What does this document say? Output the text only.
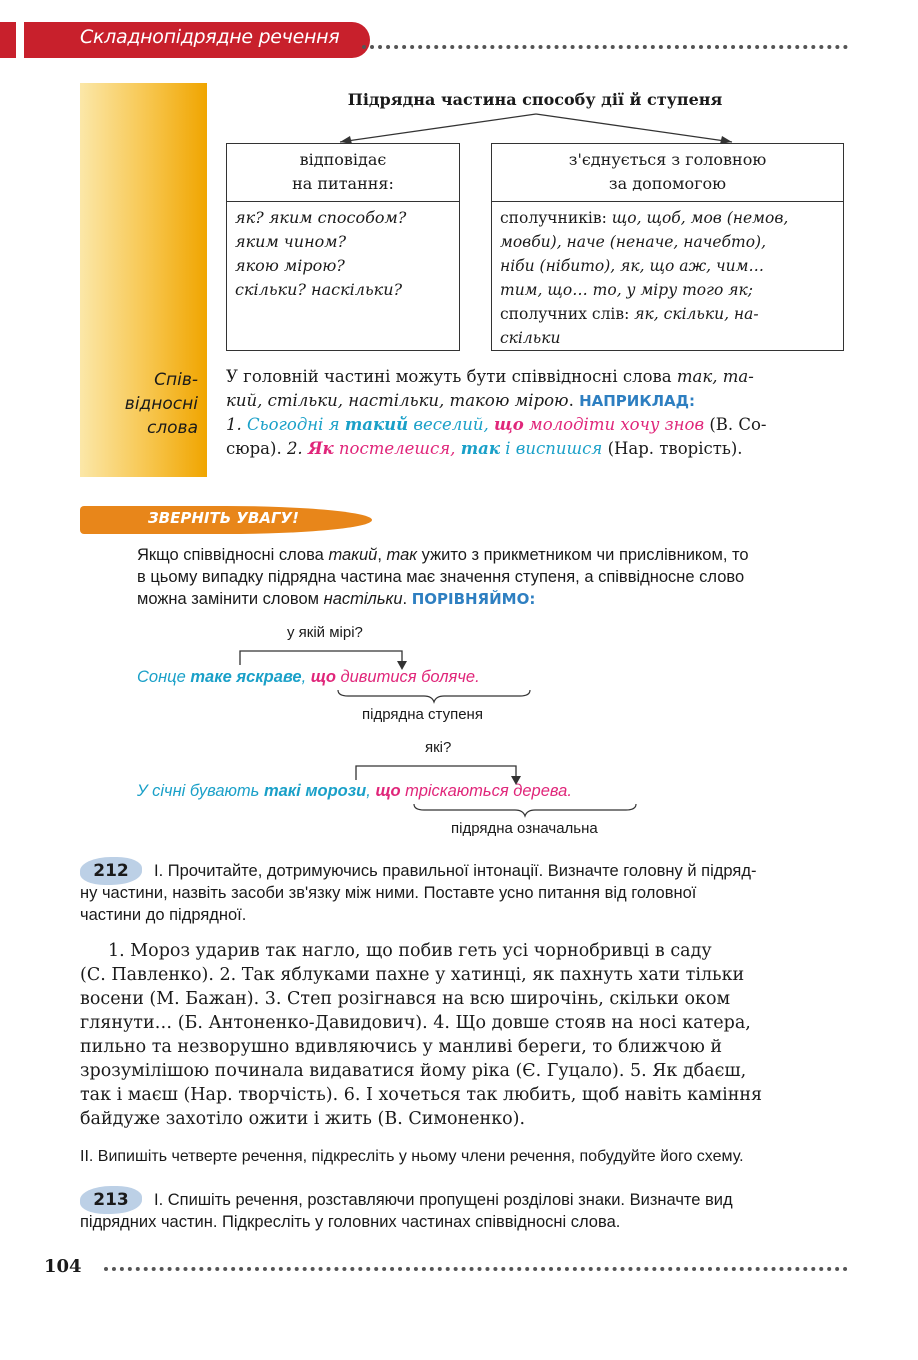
Складнопідрядне речення
Спів-
відносні
слова
Підрядна частина способу дії й ступеня
відповідає
на питання:
як? яким способом?
яким чином?
якою мірою?
скільки? наскільки?
з'єднується з головною
за допомогою
сполучників: що, щоб, мов (немов,
мовби), наче (неначе, начебто),
ніби (нібито), як, що аж, чим…
тим, що… то, у міру того як;
сполучних слів: як, скільки, на-
скільки
У головній частині можуть бути співвідносні слова так, та-
кий, стільки, настільки, такою мірою. НАПРИКЛАД:
1. Сьогодні я такий веселий, що молодіти хочу знов (В. Со-
сюра). 2. Як постелешся, так і виспишся (Нар. творість).
ЗВЕРНІТЬ УВАГУ!
Якщо співвідносні слова такий, так ужито з прикметником чи прислівником, то
в цьому випадку підрядна частина має значення ступеня, а співвідносне слово
можна замінити словом настільки. ПОРІВНЯЙМО:
у якій мірі?
Сонце таке яскраве, що дивитися боляче.
підрядна ступеня
які?
У січні бувають такі морози, що тріскаються дерева.
підрядна означальна
212	I. Прочитайте, дотримуючись правильної інтонації. Визначте головну й підряд-
ну частини, назвіть засоби зв'язку між ними. Поставте усно питання від головної
частини до підрядної.
1. Мороз ударив так нагло, що побив геть усі чорнобривці в саду
(С. Павленко). 2. Так яблуками пахне у хатинці, як пахнуть хати тільки
восени (М. Бажан). 3. Степ розігнався на всю широчінь, скільки оком
глянути… (Б. Антоненко-Давидович). 4. Що довше стояв на носі катера,
пильно та незворушно вдивляючись у манливі береги, то ближчою й
зрозумілішою починала видаватися йому ріка (Є. Гуцало). 5. Як дбаєш,
так і маєш (Нар. творчість). 6. І хочеться так любить, щоб навіть каміння
байдуже захотіло ожити і жить (В. Симоненко).
II. Випишіть четверте речення, підкресліть у ньому члени речення, побудуйте його схему.
213	I. Спишіть речення, розставляючи пропущені розділові знаки. Визначте вид
підрядних частин. Підкресліть у головних частинах співвідносні слова.
104
